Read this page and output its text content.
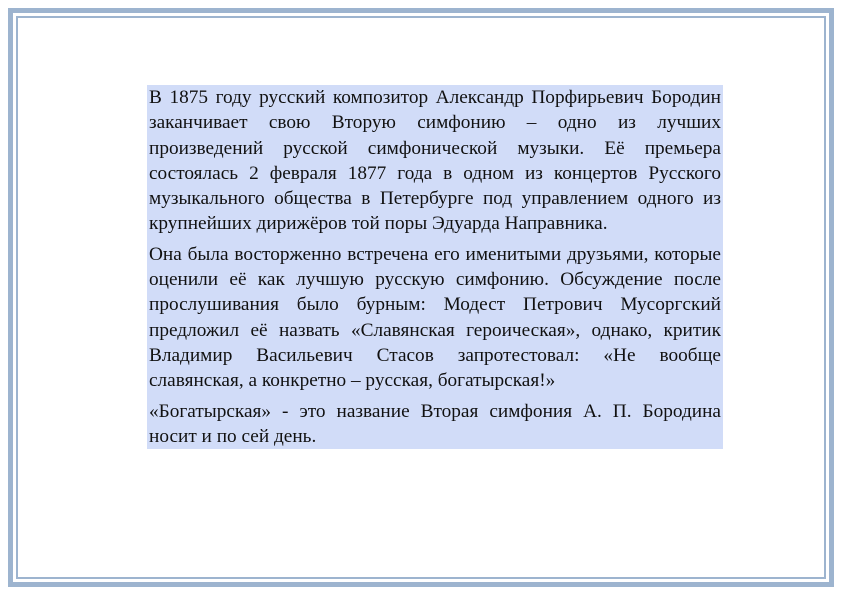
В 1875 году русский композитор Александр Порфирьевич Бородин заканчивает свою Вторую симфонию – одно из лучших произведений русской симфонической музыки. Её премьера состоялась 2 февраля 1877 года в одном из концертов Русского музыкального общества в Петербурге под управлением одного из крупнейших дирижёров той поры Эдуарда Направника.

Она была восторженно встречена его именитыми друзьями, которые оценили её как лучшую русскую симфонию. Обсуждение после прослушивания было бурным: Модест Петрович Мусоргский предложил её назвать «Славянская героическая», однако, критик Владимир Васильевич Стасов запротестовал: «Не вообще славянская, а конкретно – русская, богатырская!»

«Богатырская» - это название Вторая симфония А. П. Бородина носит и по сей день.
